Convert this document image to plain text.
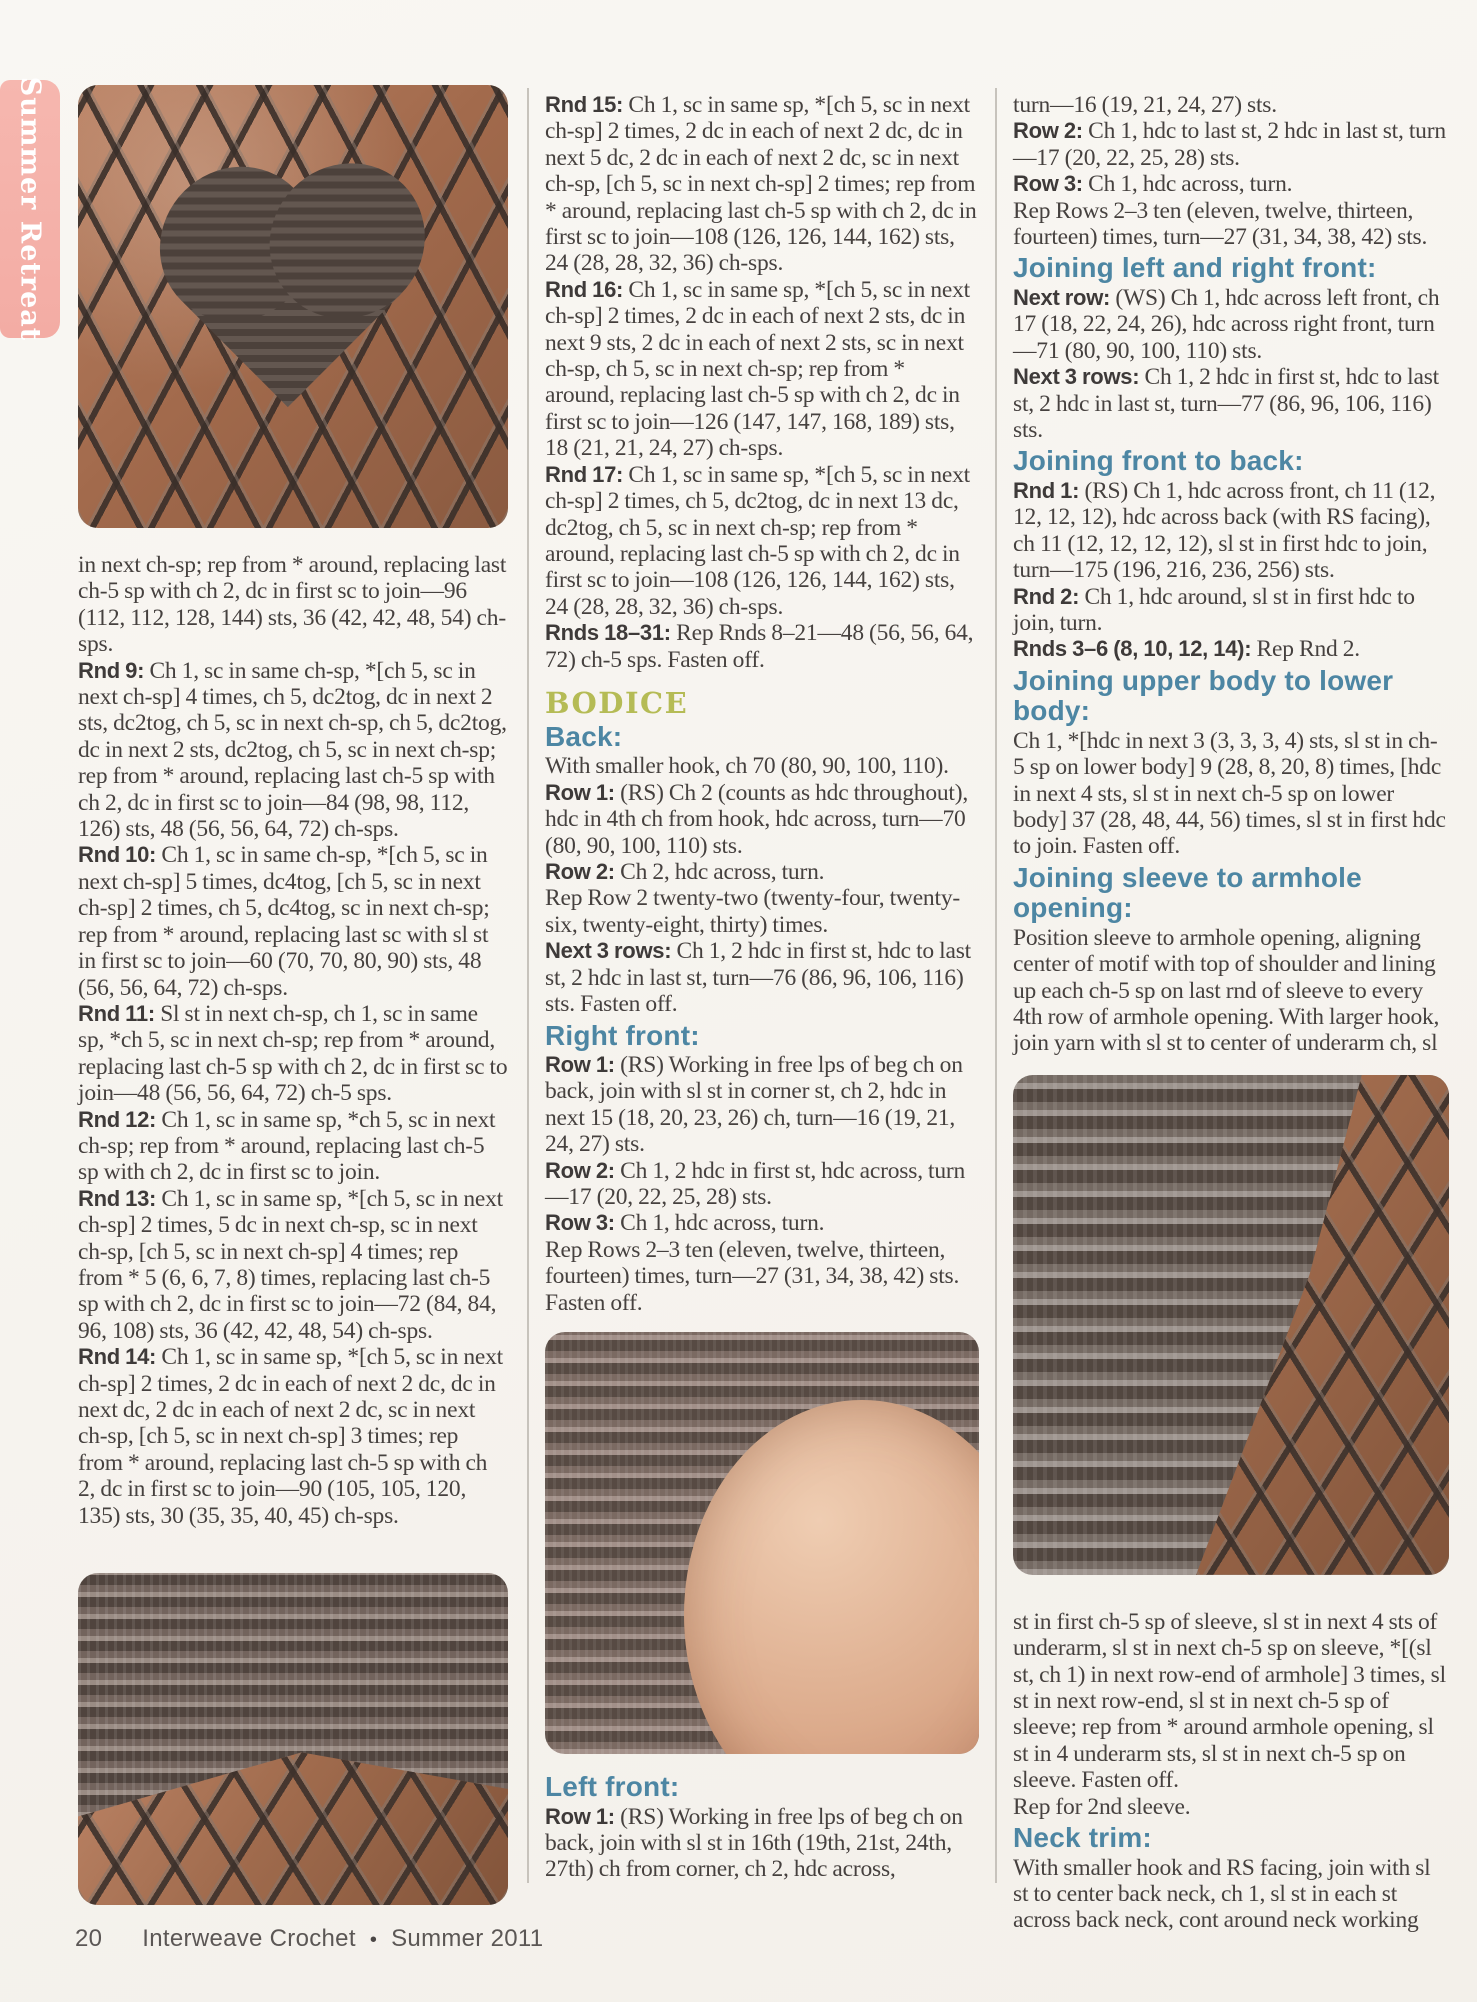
Summer Retreat

in next ch-sp; rep from * around, replacing last ch-5 sp with ch 2, dc in first sc to join—96 (112, 112, 128, 144) sts, 36 (42, 42, 48, 54) ch-sps.

Rnd 9: Ch 1, sc in same ch-sp, *[ch 5, sc in next ch-sp] 4 times, ch 5, dc2tog, dc in next 2 sts, dc2tog, ch 5, sc in next ch-sp, ch 5, dc2tog, dc in next 2 sts, dc2tog, ch 5, sc in next ch-sp; rep from * around, replacing last ch-5 sp with ch 2, dc in first sc to join—84 (98, 98, 112, 126) sts, 48 (56, 56, 64, 72) ch-sps.

Rnd 10: Ch 1, sc in same ch-sp, *[ch 5, sc in next ch-sp] 5 times, dc4tog, [ch 5, sc in next ch-sp] 2 times, ch 5, dc4tog, sc in next ch-sp; rep from * around, replacing last sc with sl st in first sc to join—60 (70, 70, 80, 90) sts, 48 (56, 56, 64, 72) ch-sps.

Rnd 11: Sl st in next ch-sp, ch 1, sc in same sp, *ch 5, sc in next ch-sp; rep from * around, replacing last ch-5 sp with ch 2, dc in first sc to join—48 (56, 56, 64, 72) ch-5 sps.

Rnd 12: Ch 1, sc in same sp, *ch 5, sc in next ch-sp; rep from * around, replacing last ch-5 sp with ch 2, dc in first sc to join.

Rnd 13: Ch 1, sc in same sp, *[ch 5, sc in next ch-sp] 2 times, 5 dc in next ch-sp, sc in next ch-sp, [ch 5, sc in next ch-sp] 4 times; rep from * 5 (6, 6, 7, 8) times, replacing last ch-5 sp with ch 2, dc in first sc to join—72 (84, 84, 96, 108) sts, 36 (42, 42, 48, 54) ch-sps.

Rnd 14: Ch 1, sc in same sp, *[ch 5, sc in next ch-sp] 2 times, 2 dc in each of next 2 dc, dc in next dc, 2 dc in each of next 2 dc, sc in next ch-sp, [ch 5, sc in next ch-sp] 3 times; rep from * around, replacing last ch-5 sp with ch 2, dc in first sc to join—90 (105, 105, 120, 135) sts, 30 (35, 35, 40, 45) ch-sps.

Rnd 15: Ch 1, sc in same sp, *[ch 5, sc in next ch-sp] 2 times, 2 dc in each of next 2 dc, dc in next 5 dc, 2 dc in each of next 2 dc, sc in next ch-sp, [ch 5, sc in next ch-sp] 2 times; rep from * around, replacing last ch-5 sp with ch 2, dc in first sc to join—108 (126, 126, 144, 162) sts, 24 (28, 28, 32, 36) ch-sps.

Rnd 16: Ch 1, sc in same sp, *[ch 5, sc in next ch-sp] 2 times, 2 dc in each of next 2 sts, dc in next 9 sts, 2 dc in each of next 2 sts, sc in next ch-sp, ch 5, sc in next ch-sp; rep from * around, replacing last ch-5 sp with ch 2, dc in first sc to join—126 (147, 147, 168, 189) sts, 18 (21, 21, 24, 27) ch-sps.

Rnd 17: Ch 1, sc in same sp, *[ch 5, sc in next ch-sp] 2 times, ch 5, dc2tog, dc in next 13 dc, dc2tog, ch 5, sc in next ch-sp; rep from * around, replacing last ch-5 sp with ch 2, dc in first sc to join—108 (126, 126, 144, 162) sts, 24 (28, 28, 32, 36) ch-sps.

Rnds 18–31: Rep Rnds 8–21—48 (56, 56, 64, 72) ch-5 sps. Fasten off.

BODICE
Back:

With smaller hook, ch 70 (80, 90, 100, 110).

Row 1: (RS) Ch 2 (counts as hdc throughout), hdc in 4th ch from hook, hdc across, turn—70 (80, 90, 100, 110) sts.

Row 2: Ch 2, hdc across, turn.

Rep Row 2 twenty-two (twenty-four, twenty-six, twenty-eight, thirty) times.

Next 3 rows: Ch 1, 2 hdc in first st, hdc to last st, 2 hdc in last st, turn—76 (86, 96, 106, 116) sts. Fasten off.

Right front:

Row 1: (RS) Working in free lps of beg ch on back, join with sl st in corner st, ch 2, hdc in next 15 (18, 20, 23, 26) ch, turn—16 (19, 21, 24, 27) sts.

Row 2: Ch 1, 2 hdc in first st, hdc across, turn—17 (20, 22, 25, 28) sts.

Row 3: Ch 1, hdc across, turn.

Rep Rows 2–3 ten (eleven, twelve, thirteen, fourteen) times, turn—27 (31, 34, 38, 42) sts. Fasten off.

Left front:

Row 1: (RS) Working in free lps of beg ch on back, join with sl st in 16th (19th, 21st, 24th, 27th) ch from corner, ch 2, hdc across,

turn—16 (19, 21, 24, 27) sts.

Row 2: Ch 1, hdc to last st, 2 hdc in last st, turn—17 (20, 22, 25, 28) sts.

Row 3: Ch 1, hdc across, turn.

Rep Rows 2–3 ten (eleven, twelve, thirteen, fourteen) times, turn—27 (31, 34, 38, 42) sts.

Joining left and right front:

Next row: (WS) Ch 1, hdc across left front, ch 17 (18, 22, 24, 26), hdc across right front, turn—71 (80, 90, 100, 110) sts.

Next 3 rows: Ch 1, 2 hdc in first st, hdc to last st, 2 hdc in last st, turn—77 (86, 96, 106, 116) sts.

Joining front to back:

Rnd 1: (RS) Ch 1, hdc across front, ch 11 (12, 12, 12, 12), hdc across back (with RS facing), ch 11 (12, 12, 12, 12), sl st in first hdc to join, turn—175 (196, 216, 236, 256) sts.

Rnd 2: Ch 1, hdc around, sl st in first hdc to join, turn.

Rnds 3–6 (8, 10, 12, 14): Rep Rnd 2.

Joining upper body to lower body:

Ch 1, *[hdc in next 3 (3, 3, 3, 4) sts, sl st in ch-5 sp on lower body] 9 (28, 8, 20, 8) times, [hdc in next 4 sts, sl st in next ch-5 sp on lower body] 37 (28, 48, 44, 56) times, sl st in first hdc to join. Fasten off.

Joining sleeve to armhole opening:

Position sleeve to armhole opening, aligning center of motif with top of shoulder and lining up each ch-5 sp on last rnd of sleeve to every 4th row of armhole opening. With larger hook, join yarn with sl st to center of underarm ch, sl

st in first ch-5 sp of sleeve, sl st in next 4 sts of underarm, sl st in next ch-5 sp on sleeve, *[(sl st, ch 1) in next row-end of armhole] 3 times, sl st in next row-end, sl st in next ch-5 sp of sleeve; rep from * around armhole opening, sl st in 4 underarm sts, sl st in next ch-5 sp on sleeve. Fasten off.

Rep for 2nd sleeve.

Neck trim:

With smaller hook and RS facing, join with sl st to center back neck, ch 1, sl st in each st across back neck, cont around neck working

20 Interweave Crochet • Summer 2011
